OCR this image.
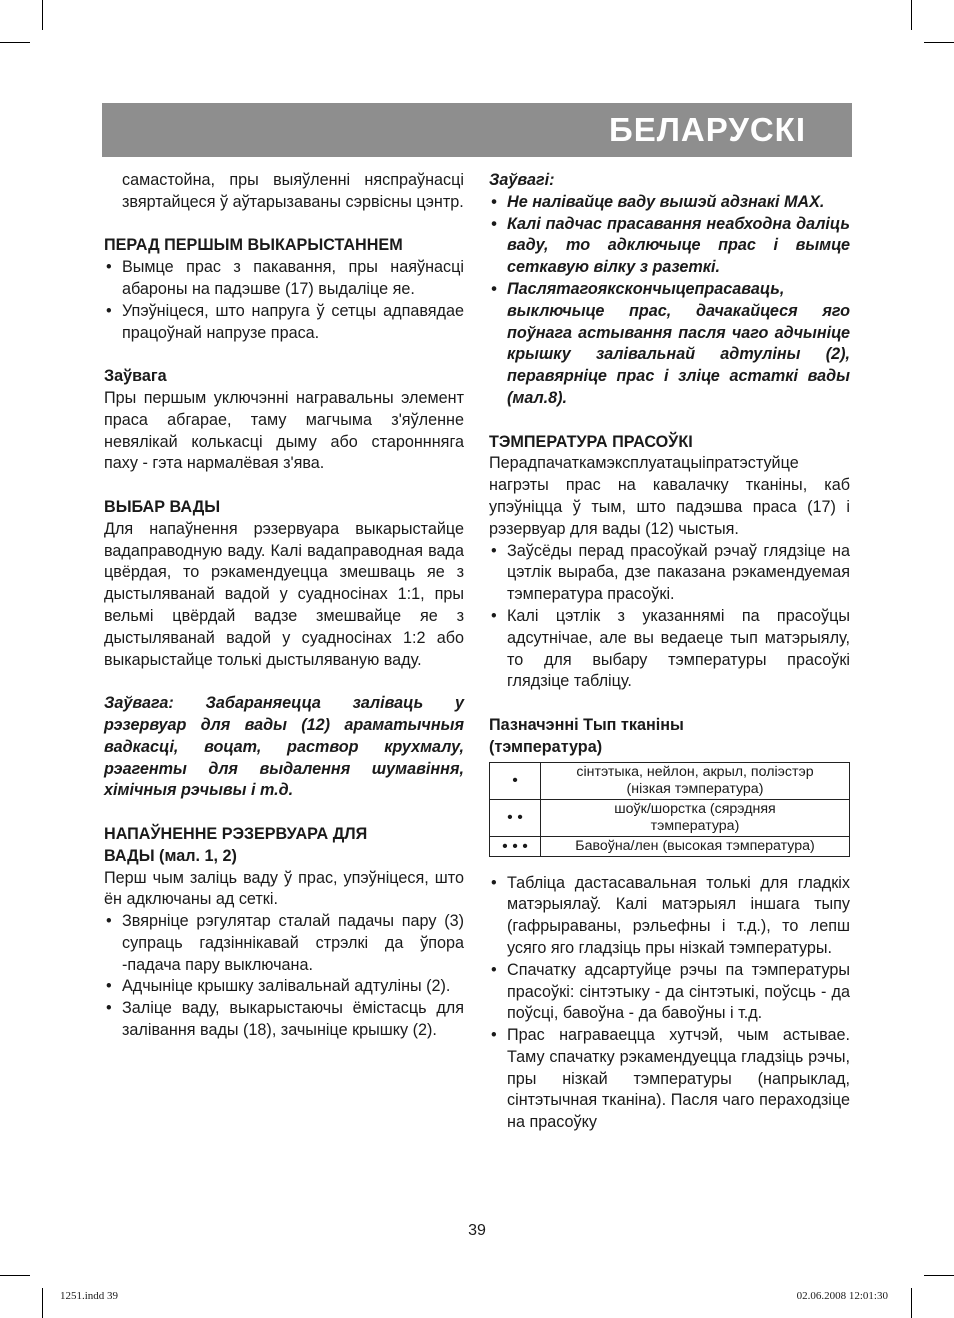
БЕЛАРУСКІ

самастойна, пры выяўленні няспраўнасці звяртайцеся ў аўтарызаваны сэрвісны цэнтр.

ПЕРАД ПЕРШЫМ ВЫКАРЫСТАННЕМ

• Вымце прас з пакавання, пры наяўнасці абароны на падэшве (17) выдаліце яе.
• Упэўніцеся, што напруга ў сетцы адпавядае працоўнай напрузе праса.

Заўвага

Пры першым уключэнні награвальны элемент праса абгарае, таму магчыма з'яўленне невялікай колькасці дыму або староннняга паху - гэта нармалёвая з'ява.

ВЫБАР ВАДЫ

Для напаўнення рэзервуара выкарыстайце вадаправодную ваду. Калі вадаправодная вада цвёрдая, то рэкамендуецца змешваць яе з дыстыляванай вадой у суадносінах 1:1, пры вельмі цвёрдай вадзе змешвайце яе з дыстыляванай вадой у суадносінах 1:2 або выкарыстайце толькі дыстыляваную ваду.

Заўвага: Забараняецца заліваць у рэзервуар для вады (12) араматычныя вадкасці, воцат, раствор крухмалу, рэагенты для выдалення шумавіння, хімічныя рэчывы і т.д.

НАПАЎНЕННЕ РЭЗЕРВУАРА ДЛЯ

ВАДЫ (мал. 1, 2)

Перш чым заліць ваду ў прас, упэўніцеся, што ён адключаны ад сеткі.

• Звярніце рэгулятар сталай падачы пару (3) супраць гадзіннікавай стрэлкі да ўпора -падача пару выключана.
• Адчыніце крышку залівальнай адтуліны (2).
• Заліце ваду, выкарыстаючы ёмістасць для залівання вады (18), зачыніце крышку (2).

Заўвагі:

• Не налівайце ваду вышэй адзнакі MAX.
• Калі падчас прасавання неабходна даліць ваду, то адключыце прас і вымце сеткавую вілку з разеткі.
• Паслятагоякскончыцепрасаваць, выключыце прас, дачакайцеся яго поўнага астывання пасля чаго адчыніце крышку залівальнай адтуліны (2), перавярніце прас і зліце астаткі вады (мал.8).

ТЭМПЕРАТУРА ПРАСОЎКІ

Перадпачаткамэксплуатацыіпратэстуйце нагрэты прас на кавалачку тканіны, каб упэўніцца ў тым, што падэшва праса (17) і рэзервуар для вады (12) чыстыя.

• Заўсёды перад прасоўкай рэчаў глядзіце на цэтлік выраба, дзе паказана рэкамендуемая тэмпература прасоўкі.
• Калі цэтлік з указаннямі па прасоўцы адсутнічае, але вы ведаеце тып матэрыялу, то для выбару тэмпературы прасоўкі глядзіце табліцу.

Пазначэнні Тып тканіны

(тэмпература)

•	сінтэтыка, нейлон, акрыл, поліэстэр
(нізкая тэмпература)
• •	шоўк/шорстка (сярэдняя
тэмпература)
• • •	Бавоўна/лен (высокая тэмпература)
• Табліца дастасавальная толькі для гладкіх матэрыялаў. Калі матэрыял іншага тыпу (гафрыраваны, рэльефны і т.д.), то лепш усяго яго гладзіць пры нізкай тэмпературы.
• Спачатку адсартуйце рэчы па тэмпературы прасоўкі: сінтэтыку - да сінтэтыкі, поўсць - да поўсці, бавоўна - да бавоўны і т.д.
• Прас награваецца хутчэй, чым астывае. Таму спачатку рэкамендуецца гладзіць рэчы, пры нізкай тэмпературы (напрыклад, сінтэтычная тканіна). Пасля чаго пераходзіце на прасоўку
39
1251.indd 39	02.06.2008 12:01:30
